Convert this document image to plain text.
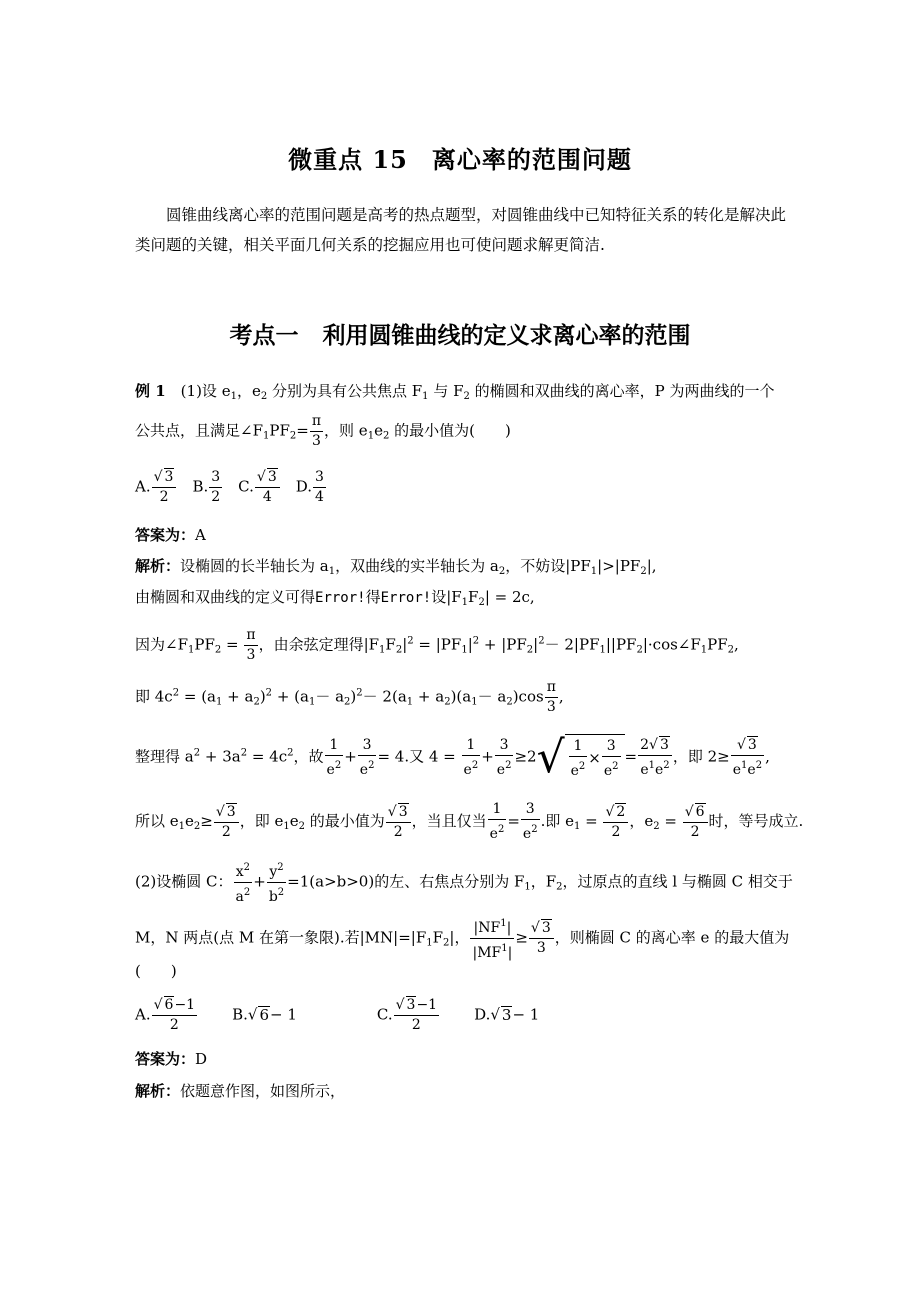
微重点 15 离心率的范围问题
圆锥曲线离心率的范围问题是高考的热点题型，对圆锥曲线中已知特征关系的转化是解决此类问题的关键，相关平面几何关系的挖掘应用也可使问题求解更简洁.
考点一 利用圆锥曲线的定义求离心率的范围
例 1　(1)设 $e_1$，$e_2$ 分别为具有公共焦点 $F_1$ 与 $F_2$ 的椭圆和双曲线的离心率，P 为两曲线的一个
公共点，且满足$\angle F_1PF_2= \frac{\pi}{3}$ ，则 $e_1e_2$ 的最小值为(　　)
A. $\frac{√ 3}{2}$ 　B. $\frac{3}{2}$ 　C. $\frac{√ 3}{4}$ 　D. $\frac{3}{4}$
答案为：A
解析：设椭圆的长半轴长为 $a_1$，双曲线的实半轴长为 $a_2$，不妨设$|PF_1|>|PF_2|$,
由椭圆和双曲线的定义可得Error!得Error!设$|F_1F_2| = 2c$,
因为$\angle F_1PF_2 = \frac{\pi}{3}$ ，由余弦定理得$|F_1F_2|^2 = |PF_1|^2 + |PF_2|^2-$ $2|PF_1||PF_2|\cdot\cos\angle F_1PF_2$,
即 $4c^2 = (a_1 + a_2)^2 + (a_1- a_2)^2- 2(a_1 + a_2)(a_1- a_2)\cos \frac{\pi}{3}$ ,
整理得 $a^2 + 3a^2 = 4c^2$，故 $\frac{1}{e^2} + \frac{3}{e^2} = 4$.又 $4 = \frac{1}{e^2} + \frac{3}{e^2} \ge 2√ \frac{1}{e^2} \times \frac{3}{e^2} = \frac{2√ 3}{e^1e^2}$ ，即 $2\ge \frac{√ 3}{e^1e^2}$ ,
所以 $e_1e_2\ge \frac{√ 3}{2}$ ，即 $e_1e_2$ 的最小值为 $\frac{√ 3}{2}$ ，当且仅当 $\frac{1}{e^2} = \frac{3}{e^2}$ .即 $e_1 = \frac{√ 2}{2}$ ，$e_2 = \frac{√ 6}{2}$ 时，等号成立.
(2)设椭圆 C： $\frac{x^2}{a^2} + \frac{y^2}{b^2} =1(a>b>0)$的左、右焦点分别为 $F_1$，$F_2$，过原点的直线 l 与椭圆 C 相交于
M，N 两点(点 M 在第一象限).若$|MN|=|F_1F_2|$， $\frac{|NF^1|}{|MF^1|} \ge \frac{√ 3}{3}$ ，则椭圆 C 的离心率 e 的最大值为
(　　)
A. $\frac{√ 6-1}{2} B.√$ 6− 1	C. $\frac{√ 3-1}{2} D.√$ 3− 1
答案为：D
解析：依题意作图，如图所示，
